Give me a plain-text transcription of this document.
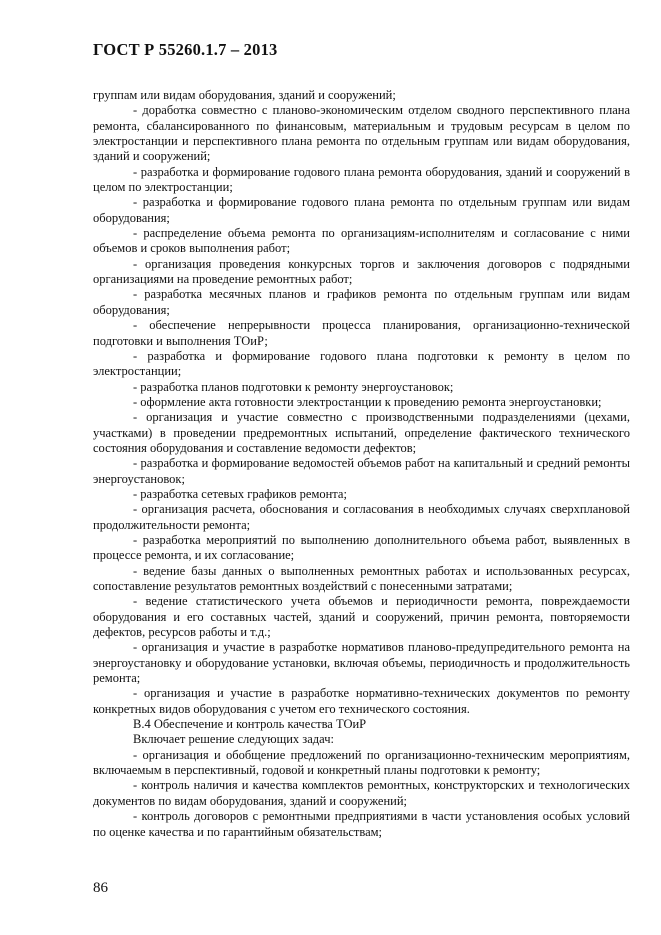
ГОСТ Р 55260.1.7 – 2013

группам или видам оборудования, зданий и сооружений;

- доработка совместно с планово-экономическим отделом сводного перспективного плана ремонта, сбалансированного по финансовым, материальным и трудовым ресурсам в целом по электростанции и перспективного плана ремонта по отдельным группам или видам оборудования, зданий и сооружений;

- разработка и формирование годового плана ремонта оборудования, зданий и сооружений в целом по электростанции;

- разработка и формирование годового плана ремонта по отдельным группам или видам оборудования;

- распределение объема ремонта по организациям-исполнителям и согласование с ними объемов и сроков выполнения работ;

- организация проведения конкурсных торгов и заключения договоров с подрядными организациями на проведение ремонтных работ;

- разработка месячных планов и графиков ремонта по отдельным группам или видам оборудования;

- обеспечение непрерывности процесса планирования, организационно-технической подготовки и выполнения ТОиР;

- разработка и формирование годового плана подготовки к ремонту в целом по электростанции;

- разработка планов подготовки к ремонту энергоустановок;

- оформление акта готовности электростанции к проведению ремонта энергоустановки;

- организация и участие совместно с производственными подразделениями (цехами, участками) в проведении предремонтных испытаний, определение фактического технического состояния оборудования и составление ведомости дефектов;

- разработка и формирование ведомостей объемов работ на капитальный и средний ремонты энергоустановок;

- разработка сетевых графиков ремонта;

- организация расчета, обоснования и согласования в необходимых случаях сверхплановой продолжительности ремонта;

- разработка мероприятий по выполнению дополнительного объема работ, выявленных в процессе ремонта, и их согласование;

- ведение базы данных о выполненных ремонтных работах и использованных ресурсах, сопоставление результатов ремонтных воздействий с понесенными затратами;

- ведение статистического учета объемов и периодичности ремонта, повреждаемости оборудования и его составных частей, зданий и сооружений, причин ремонта, повторяемости дефектов, ресурсов работы и т.д.;

- организация и участие в разработке нормативов планово-предупредительного ремонта на энергоустановку и оборудование установки, включая объемы, периодичность и продолжительность ремонта;

- организация и участие в разработке нормативно-технических документов по ремонту конкретных видов оборудования с учетом его технического состояния.

В.4 Обеспечение и контроль качества ТОиР

Включает решение следующих задач:

- организация и обобщение предложений по организационно-техническим мероприятиям, включаемым в перспективный, годовой и конкретный планы подготовки к ремонту;

- контроль наличия и качества комплектов ремонтных, конструкторских и технологических документов по видам оборудования, зданий и сооружений;

- контроль договоров с ремонтными предприятиями в части установления особых условий по оценке качества и по гарантийным обязательствам;

86
